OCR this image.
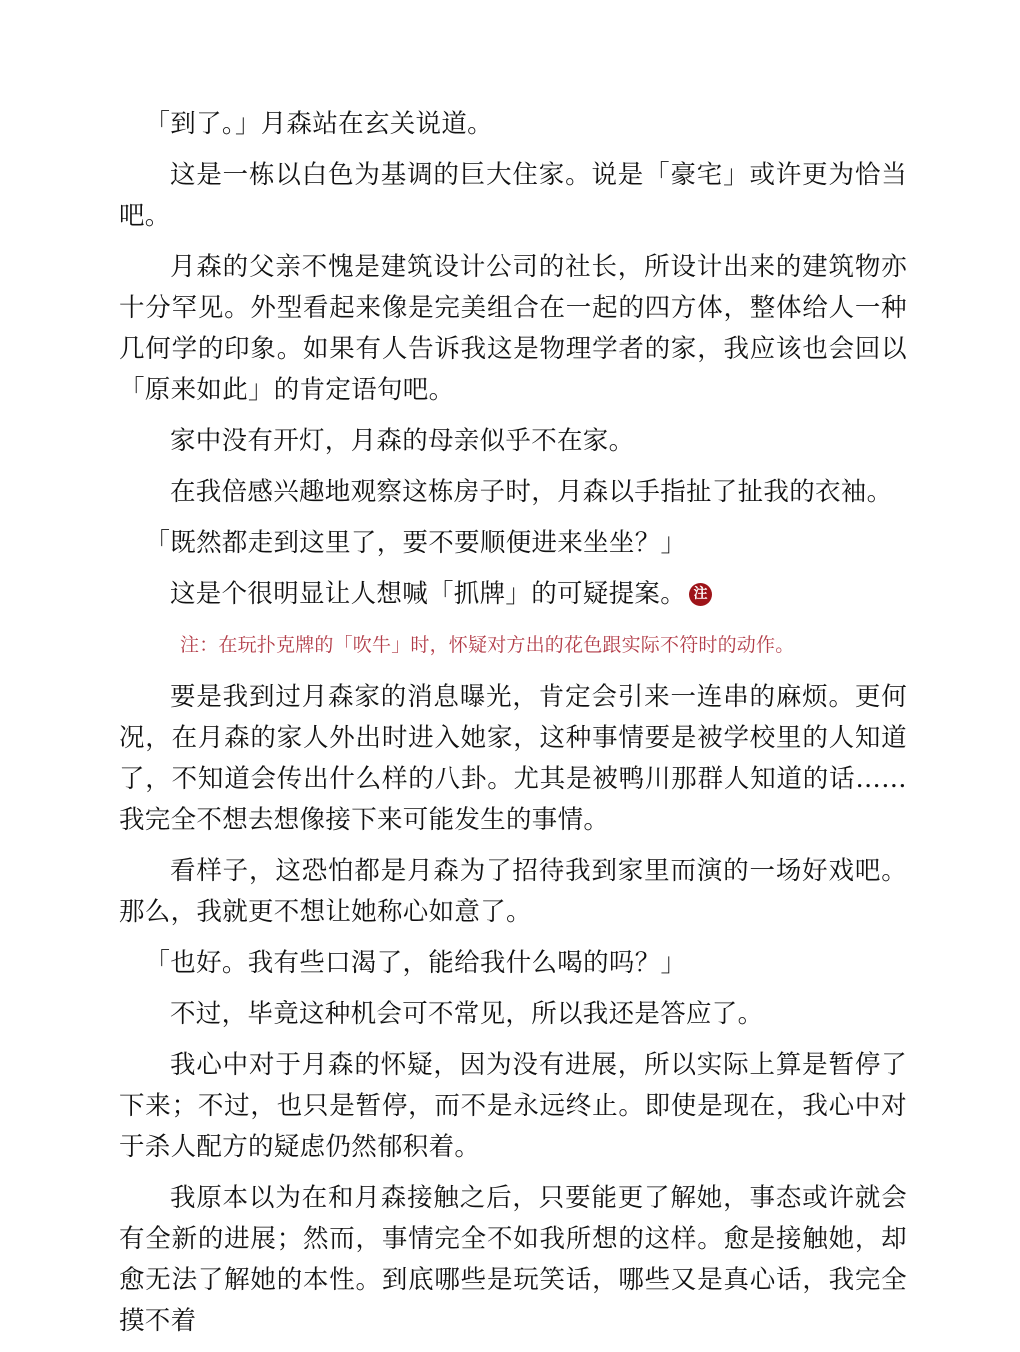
「到了。」月森站在玄关说道。

这是一栋以白色为基调的巨大住家。说是「豪宅」或许更为恰当吧。

月森的父亲不愧是建筑设计公司的社长，所设计出来的建筑物亦十分罕见。外型看起来像是完美组合在一起的四方体，整体给人一种几何学的印象。如果有人告诉我这是物理学者的家，我应该也会回以「原来如此」的肯定语句吧。

家中没有开灯，月森的母亲似乎不在家。

在我倍感兴趣地观察这栋房子时，月森以手指扯了扯我的衣袖。

「既然都走到这里了，要不要顺便进来坐坐？」

这是个很明显让人想喊「抓牌」的可疑提案。 注

注：在玩扑克牌的「吹牛」时，怀疑对方出的花色跟实际不符时的动作。

要是我到过月森家的消息曝光，肯定会引来一连串的麻烦。更何况，在月森的家人外出时进入她家，这种事情要是被学校里的人知道了，不知道会传出什么样的八卦。尤其是被鸭川那群人知道的话……我完全不想去想像接下来可能发生的事情。

看样子，这恐怕都是月森为了招待我到家里而演的一场好戏吧。那么，我就更不想让她称心如意了。

「也好。我有些口渴了，能给我什么喝的吗？」

不过，毕竟这种机会可不常见，所以我还是答应了。

我心中对于月森的怀疑，因为没有进展，所以实际上算是暂停了下来；不过，也只是暂停，而不是永远终止。即使是现在，我心中对于杀人配方的疑虑仍然郁积着。

我原本以为在和月森接触之后，只要能更了解她，事态或许就会有全新的进展；然而，事情完全不如我所想的这样。愈是接触她，却愈无法了解她的本性。到底哪些是玩笑话，哪些又是真心话，我完全摸不着
